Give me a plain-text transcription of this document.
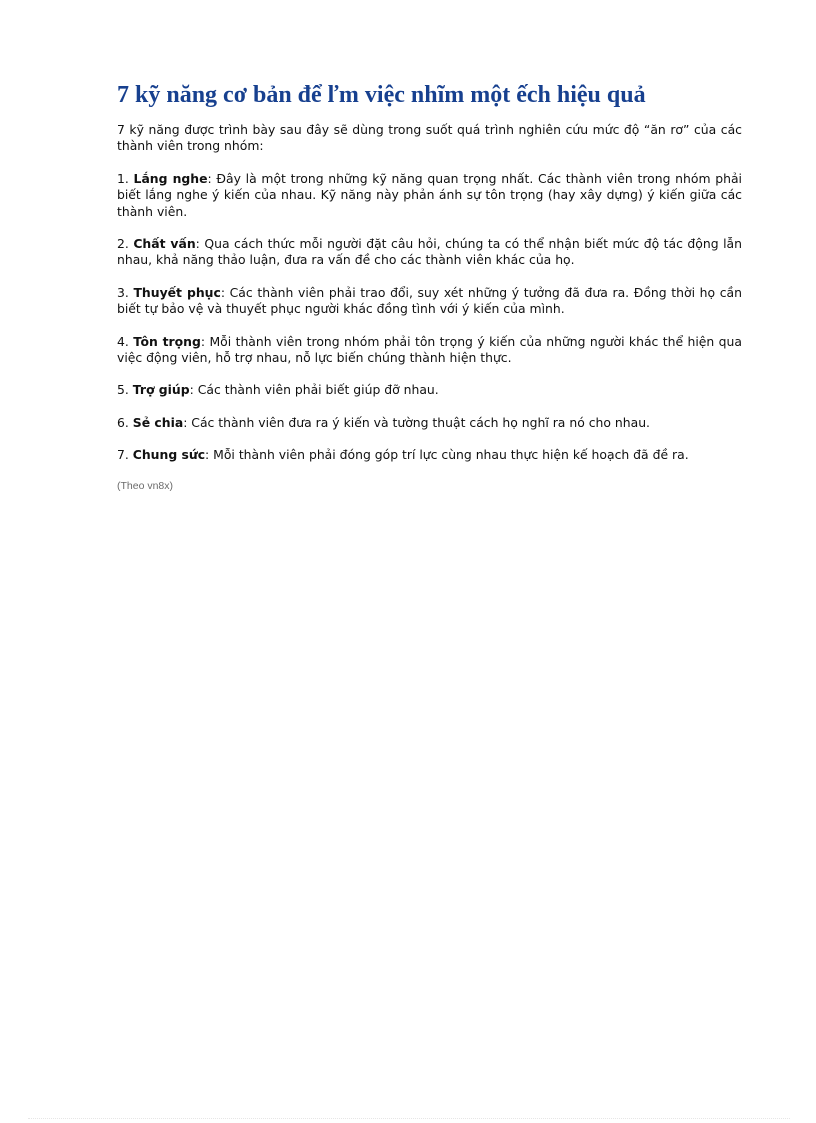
7 kỹ năng cơ bản để ľm việc nhĩm một ếch hiệu quả

7 kỹ năng được trình bày sau đây sẽ dùng trong suốt quá trình nghiên cứu mức độ “ăn rơ” của các thành viên trong nhóm:

1. Lắng nghe: Đây là một trong những kỹ năng quan trọng nhất. Các thành viên trong nhóm phải biết lắng nghe ý kiến của nhau. Kỹ năng này phản ánh sự tôn trọng (hay xây dựng) ý kiến giữa các thành viên.

2. Chất vấn: Qua cách thức mỗi người đặt câu hỏi, chúng ta có thể nhận biết mức độ tác động lẫn nhau, khả năng thảo luận, đưa ra vấn đề cho các thành viên khác của họ.

3. Thuyết phục: Các thành viên phải trao đổi, suy xét những ý tưởng đã đưa ra. Đồng thời họ cần biết tự bảo vệ và thuyết phục người khác đồng tình với ý kiến của mình.

4. Tôn trọng: Mỗi thành viên trong nhóm phải tôn trọng ý kiến của những người khác thể hiện qua việc động viên, hỗ trợ nhau, nỗ lực biến chúng thành hiện thực.

5. Trợ giúp: Các thành viên phải biết giúp đỡ nhau.

6. Sẻ chia: Các thành viên đưa ra ý kiến và tường thuật cách họ nghĩ ra nó cho nhau.

7. Chung sức: Mỗi thành viên phải đóng góp trí lực cùng nhau thực hiện kế hoạch đã đề ra.

(Theo vn8x)
